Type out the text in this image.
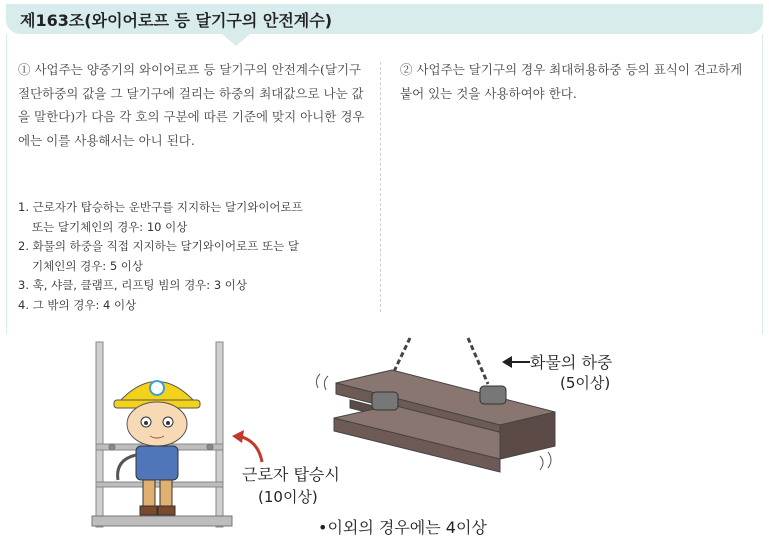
제163조(와이어로프 등 달기구의 안전계수)
① 사업주는 양중기의 와이어로프 등 달기구의 안전계수(달기구 절단하중의 값을 그 달기구에 걸리는 하중의 최대값으로 나눈 값을 말한다)가 다음 각 호의 구분에 따른 기준에 맞지 아니한 경우에는 이를 사용해서는 아니 된다.
② 사업주는 달기구의 경우 최대허용하중 등의 표식이 견고하게 붙어 있는 것을 사용하여야 한다.
1. 근로자가 탑승하는 운반구를 지지하는 달기와이어로프
또는 달기체인의 경우: 10 이상
2. 화물의 하중을 직접 지지하는 달기와이어로프 또는 달
기체인의 경우: 5 이상
3. 훅, 샤클, 클램프, 리프팅 빔의 경우: 3 이상
4. 그 밖의 경우: 4 이상
화물의 하중
(5이상)
근로자 탑승시
(10이상)
•이외의 경우에는 4이상
